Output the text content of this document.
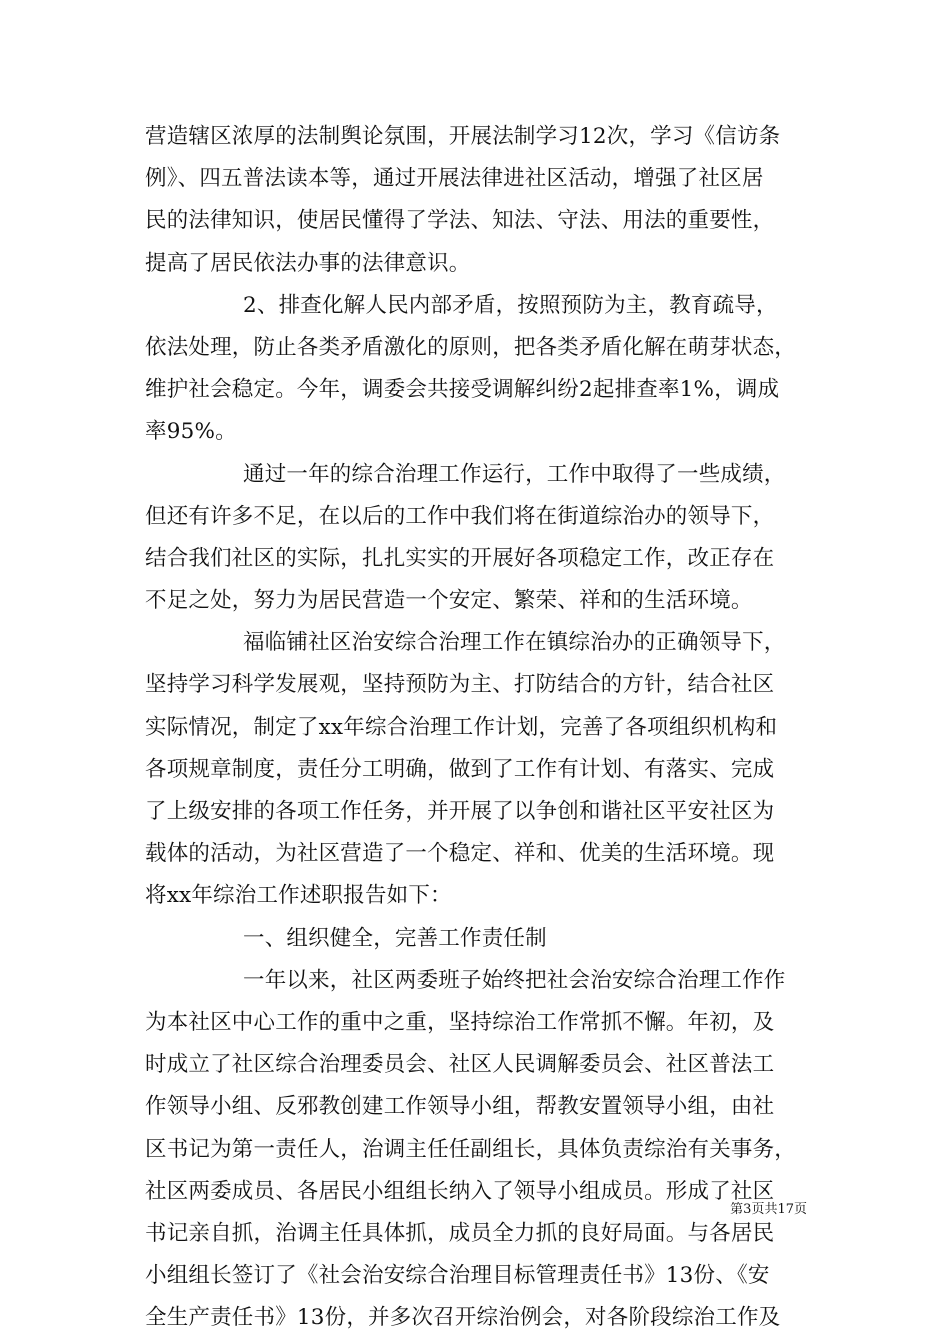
营造辖区浓厚的法制舆论氛围，开展法制学习12次，学习《信访条
例》、四五普法读本等，通过开展法律进社区活动，增强了社区居
民的法律知识，使居民懂得了学法、知法、守法、用法的重要性，
提高了居民依法办事的法律意识。
2、排查化解人民内部矛盾，按照预防为主，教育疏导，
依法处理，防止各类矛盾激化的原则，把各类矛盾化解在萌芽状态，
维护社会稳定。今年，调委会共接受调解纠纷2起排查率1%，调成
率95%。
通过一年的综合治理工作运行，工作中取得了一些成绩，
但还有许多不足，在以后的工作中我们将在街道综治办的领导下，
结合我们社区的实际，扎扎实实的开展好各项稳定工作，改正存在
不足之处，努力为居民营造一个安定、繁荣、祥和的生活环境。
福临铺社区治安综合治理工作在镇综治办的正确领导下，
坚持学习科学发展观，坚持预防为主、打防结合的方针，结合社区
实际情况，制定了xx年综合治理工作计划，完善了各项组织机构和
各项规章制度，责任分工明确，做到了工作有计划、有落实、完成
了上级安排的各项工作任务，并开展了以争创和谐社区平安社区为
载体的活动，为社区营造了一个稳定、祥和、优美的生活环境。现
将xx年综治工作述职报告如下：
一、组织健全，完善工作责任制
一年以来，社区两委班子始终把社会治安综合治理工作作
为本社区中心工作的重中之重，坚持综治工作常抓不懈。年初，及
时成立了社区综合治理委员会、社区人民调解委员会、社区普法工
作领导小组、反邪教创建工作领导小组，帮教安置领导小组，由社
区书记为第一责任人，治调主任任副组长，具体负责综治有关事务，
社区两委成员、各居民小组组长纳入了领导小组成员。形成了社区
书记亲自抓，治调主任具体抓，成员全力抓的良好局面。与各居民
小组组长签订了《社会治安综合治理目标管理责任书》13份、《安
全生产责任书》13份，并多次召开综治例会，对各阶段综治工作及
第3页共17页
